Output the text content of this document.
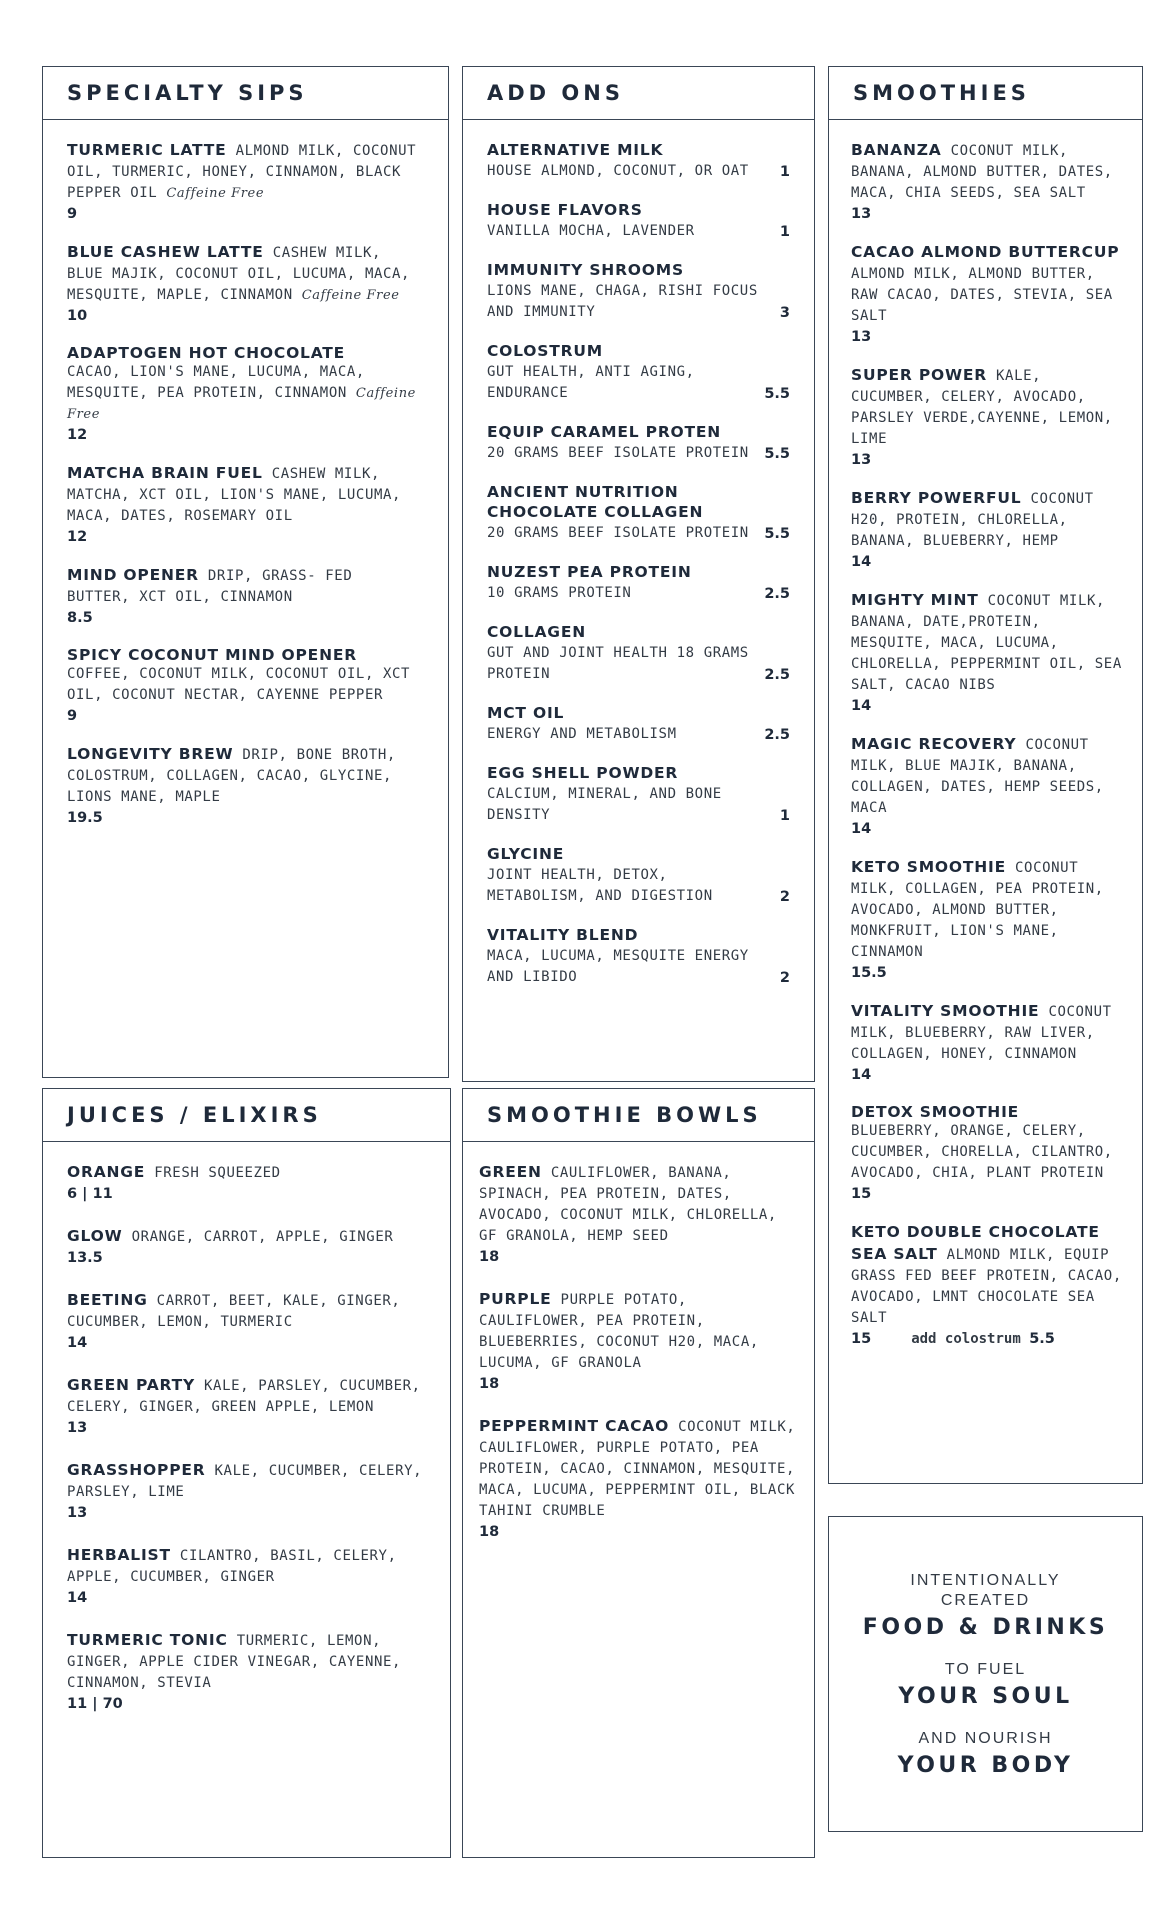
SPECIALTY SIPS
TURMERIC LATTE ALMOND MILK, COCONUT OIL, TURMERIC, HONEY, CINNAMON, BLACK PEPPER OIL Caffeine Free
9
BLUE CASHEW LATTE CASHEW MILK, BLUE MAJIK, COCONUT OIL, LUCUMA, MACA, MESQUITE, MAPLE, CINNAMON Caffeine Free
10
ADAPTOGEN HOT CHOCOLATE
CACAO, LION'S MANE, LUCUMA, MACA, MESQUITE, PEA PROTEIN, CINNAMON Caffeine Free
12
MATCHA BRAIN FUEL CASHEW MILK, MATCHA, XCT OIL, LION'S MANE, LUCUMA, MACA, DATES, ROSEMARY OIL
12
MIND OPENER DRIP, GRASS- FED BUTTER, XCT OIL, CINNAMON
8.5
SPICY COCONUT MIND OPENER
COFFEE, COCONUT MILK, COCONUT OIL, XCT OIL, COCONUT NECTAR, CAYENNE PEPPER
9
LONGEVITY BREW DRIP, BONE BROTH, COLOSTRUM, COLLAGEN, CACAO, GLYCINE, LIONS MANE, MAPLE
19.5
ADD ONS
ALTERNATIVE MILK
HOUSE ALMOND, COCONUT, OR OAT 1
HOUSE FLAVORS
VANILLA MOCHA, LAVENDER	1
IMMUNITY SHROOMS
LIONS MANE, CHAGA, RISHI FOCUS AND IMMUNITY	3
COLOSTRUM
GUT HEALTH, ANTI AGING, ENDURANCE	5.5
EQUIP CARAMEL PROTEN
20 GRAMS BEEF ISOLATE PROTEIN 5.5
ANCIENT NUTRITION CHOCOLATE COLLAGEN
20 GRAMS BEEF ISOLATE PROTEIN 5.5
NUZEST PEA PROTEIN
10 GRAMS PROTEIN	2.5
COLLAGEN
GUT AND JOINT HEALTH 18 GRAMS PROTEIN	2.5
MCT OIL
ENERGY AND METABOLISM	2.5
EGG SHELL POWDER
CALCIUM, MINERAL, AND BONE DENSITY	1
GLYCINE
JOINT HEALTH, DETOX, METABOLISM, AND DIGESTION	2
VITALITY BLEND
MACA, LUCUMA, MESQUITE ENERGY AND LIBIDO	2
SMOOTHIES
BANANZA COCONUT MILK, BANANA, ALMOND BUTTER, DATES, MACA, CHIA SEEDS, SEA SALT
13
CACAO ALMOND BUTTERCUP ALMOND MILK, ALMOND BUTTER, RAW CACAO, DATES, STEVIA, SEA SALT
13
SUPER POWER KALE, CUCUMBER, CELERY, AVOCADO, PARSLEY VERDE,CAYENNE, LEMON, LIME
13
BERRY POWERFUL COCONUT H20, PROTEIN, CHLORELLA, BANANA, BLUEBERRY, HEMP
14
MIGHTY MINT COCONUT MILK, BANANA, DATE,PROTEIN, MESQUITE, MACA, LUCUMA, CHLORELLA, PEPPERMINT OIL, SEA SALT, CACAO NIBS
14
MAGIC RECOVERY COCONUT MILK, BLUE MAJIK, BANANA, COLLAGEN, DATES, HEMP SEEDS, MACA
14
KETO SMOOTHIE COCONUT MILK, COLLAGEN, PEA PROTEIN, AVOCADO, ALMOND BUTTER, MONKFRUIT, LION'S MANE, CINNAMON
15.5
VITALITY SMOOTHIE COCONUT MILK, BLUEBERRY, RAW LIVER, COLLAGEN, HONEY, CINNAMON
14
DETOX SMOOTHIE
BLUEBERRY, ORANGE, CELERY, CUCUMBER, CHORELLA, CILANTRO, AVOCADO, CHIA, PLANT PROTEIN
15
KETO DOUBLE CHOCOLATE SEA SALT ALMOND MILK, EQUIP GRASS FED BEEF PROTEIN, CACAO, AVOCADO, LMNT CHOCOLATE SEA SALT
15	add colostrum 5.5
JUICES / ELIXIRS
ORANGE FRESH SQUEEZED
6 | 11
GLOW ORANGE, CARROT, APPLE, GINGER
13.5
BEETING CARROT, BEET, KALE, GINGER, CUCUMBER, LEMON, TURMERIC
14
GREEN PARTY KALE, PARSLEY, CUCUMBER, CELERY, GINGER, GREEN APPLE, LEMON
13
GRASSHOPPER KALE, CUCUMBER, CELERY, PARSLEY, LIME
13
HERBALIST CILANTRO, BASIL, CELERY, APPLE, CUCUMBER, GINGER
14
TURMERIC TONIC TURMERIC, LEMON, GINGER, APPLE CIDER VINEGAR, CAYENNE, CINNAMON, STEVIA
11 | 70
SMOOTHIE BOWLS
GREEN CAULIFLOWER, BANANA, SPINACH, PEA PROTEIN, DATES, AVOCADO, COCONUT MILK, CHLORELLA, GF GRANOLA, HEMP SEED
18
PURPLE PURPLE POTATO, CAULIFLOWER, PEA PROTEIN, BLUEBERRIES, COCONUT H20, MACA, LUCUMA, GF GRANOLA
18
PEPPERMINT CACAO COCONUT MILK, CAULIFLOWER, PURPLE POTATO, PEA PROTEIN, CACAO, CINNAMON, MESQUITE, MACA, LUCUMA, PEPPERMINT OIL, BLACK TAHINI CRUMBLE
18
INTENTIONALLY
CREATED
FOOD & DRINKS
TO FUEL
YOUR SOUL
AND NOURISH
YOUR BODY
